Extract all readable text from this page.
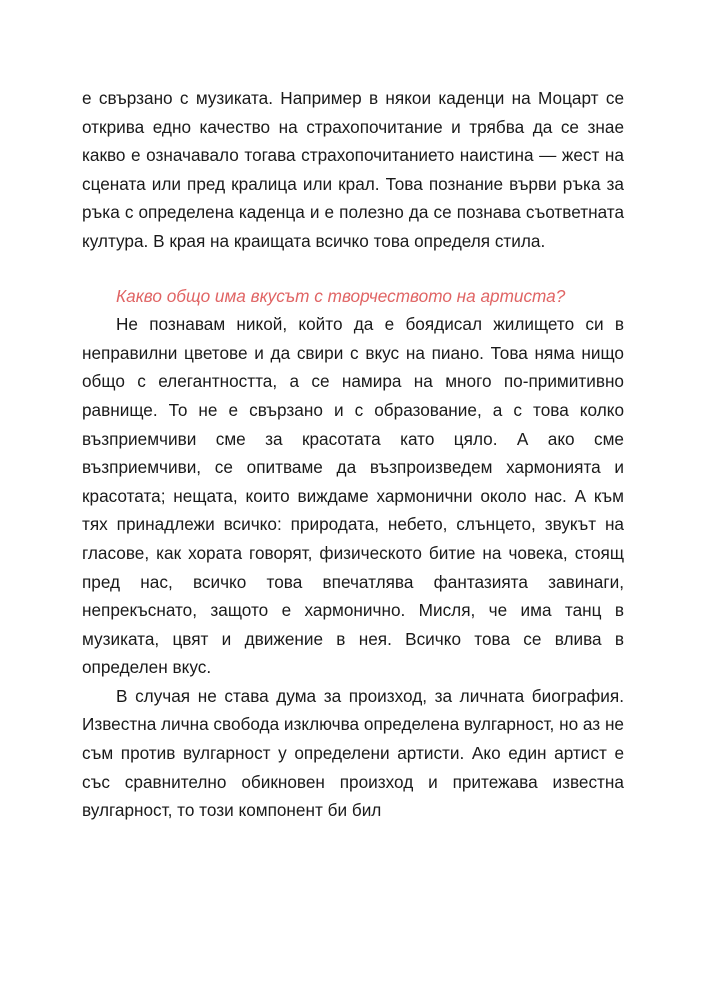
е свързано с музиката. Например в някои каденци на Моцарт се открива едно качество на страхопочитание и трябва да се знае какво е означавало тогава страхопочитанието наистина — жест на сцената или пред кралица или крал. Това познание върви ръка за ръка с определена каденца и е полезно да се познава съответната култура. В края на краищата всичко това определя стила.

Какво общо има вкусът с творчеството на артиста?

Не познавам никой, който да е боядисал жилището си в неправилни цветове и да свири с вкус на пиано. Това няма нищо общо с елегантността, а се намира на много по-примитивно равнище. То не е свързано и с образование, а с това колко възприемчиви сме за красотата като цяло. А ако сме възприемчиви, се опитваме да възпроизведем хармонията и красотата; нещата, които виждаме хармонични около нас. А към тях принадлежи всичко: природата, небето, слънцето, звукът на гласове, как хората говорят, физическото битие на човека, стоящ пред нас, всичко това впечатлява фантазията завинаги, непрекъснато, защото е хармонично. Мисля, че има танц в музиката, цвят и движение в нея. Всичко това се влива в определен вкус.

В случая не става дума за произход, за личната биография. Известна лична свобода изключва определена вулгарност, но аз не съм против вулгарност у определени артисти. Ако един артист е със сравнително обикновен произход и притежава известна вулгарност, то този компонент би бил
